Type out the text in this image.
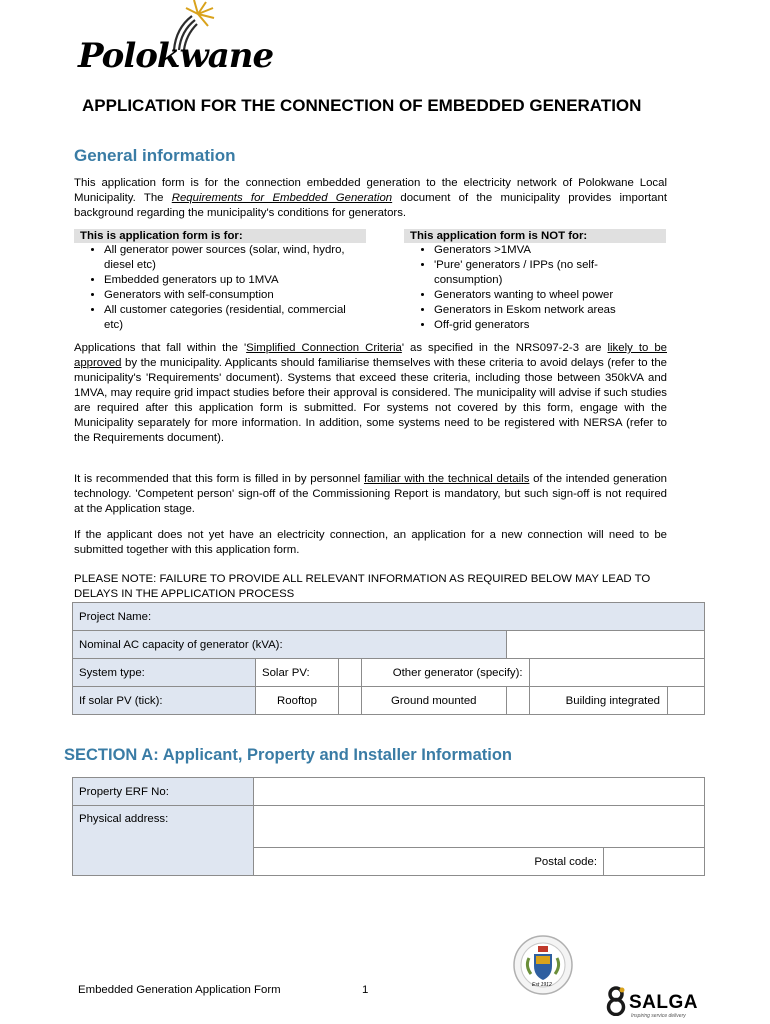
Polokwane
APPLICATION FOR THE CONNECTION OF EMBEDDED GENERATION
General information
This application form is for the connection embedded generation to the electricity network of Polokwane Local Municipality. The Requirements for Embedded Generation document of the municipality provides important background regarding the municipality's conditions for generators.
This is application form is for:
• All generator power sources (solar, wind, hydro, diesel etc)
• Embedded generators up to 1MVA
• Generators with self-consumption
• All customer categories (residential, commercial etc)
This application form is NOT for:
• Generators >1MVA
• 'Pure' generators / IPPs (no self-consumption)
• Generators wanting to wheel power
• Generators in Eskom network areas
• Off-grid generators
Applications that fall within the 'Simplified Connection Criteria' as specified in the NRS097-2-3 are likely to be approved by the municipality. Applicants should familiarise themselves with these criteria to avoid delays (refer to the municipality's 'Requirements' document). Systems that exceed these criteria, including those between 350kVA and 1MVA, may require grid impact studies before their approval is considered. The municipality will advise if such studies are required after this application form is submitted. For systems not covered by this form, engage with the Municipality separately for more information. In addition, some systems need to be registered with NERSA (refer to the Requirements document).
It is recommended that this form is filled in by personnel familiar with the technical details of the intended generation technology. 'Competent person' sign-off of the Commissioning Report is mandatory, but such sign-off is not required at the Application stage.
If the applicant does not yet have an electricity connection, an application for a new connection will need to be submitted together with this application form.
PLEASE NOTE: FAILURE TO PROVIDE ALL RELEVANT INFORMATION AS REQUIRED BELOW MAY LEAD TO DELAYS IN THE APPLICATION PROCESS
Project Name:					
Nominal AC capacity of generator (kVA):					
System type:	Solar PV:		Other generator (specify):		
If solar PV (tick):	Rooftop		Ground mounted		Building integrated
SECTION A: Applicant, Property and Installer Information
Property ERF No:		
Physical address:		
	Postal code:	
Est 1912
Embedded Generation Application Form	1
SALGA
Inspiring service delivery
